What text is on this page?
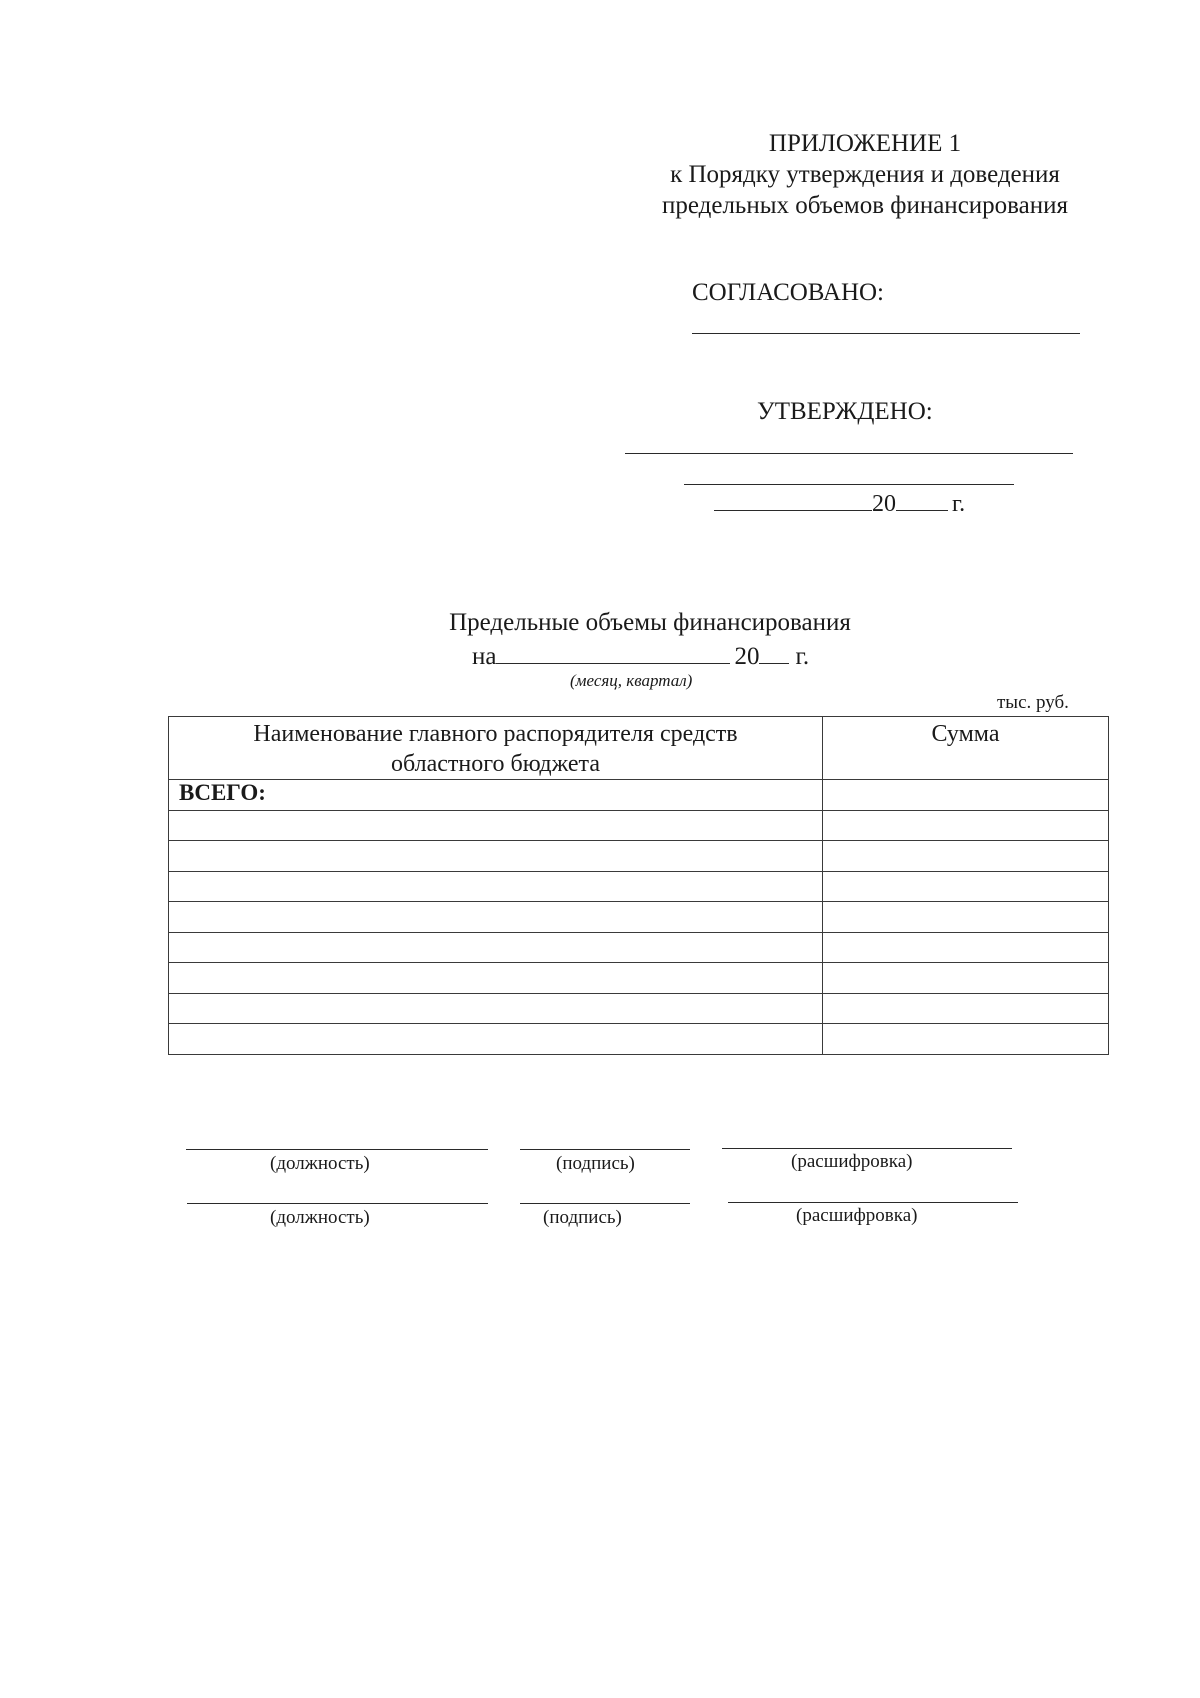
ПРИЛОЖЕНИЕ 1
к Порядку утверждения и доведения
предельных объемов финансирования
СОГЛАСОВАНО:
УТВЕРЖДЕНО:
20 г.
Предельные объемы финансирования
на	20 г.
(месяц, квартал)
тыс. руб.
Наименование главного распорядителя средств областного бюджета	Сумма
ВСЕГО:	

(должность)	(подпись)	(расшифровка)
(должность)	(подпись)	(расшифровка)
